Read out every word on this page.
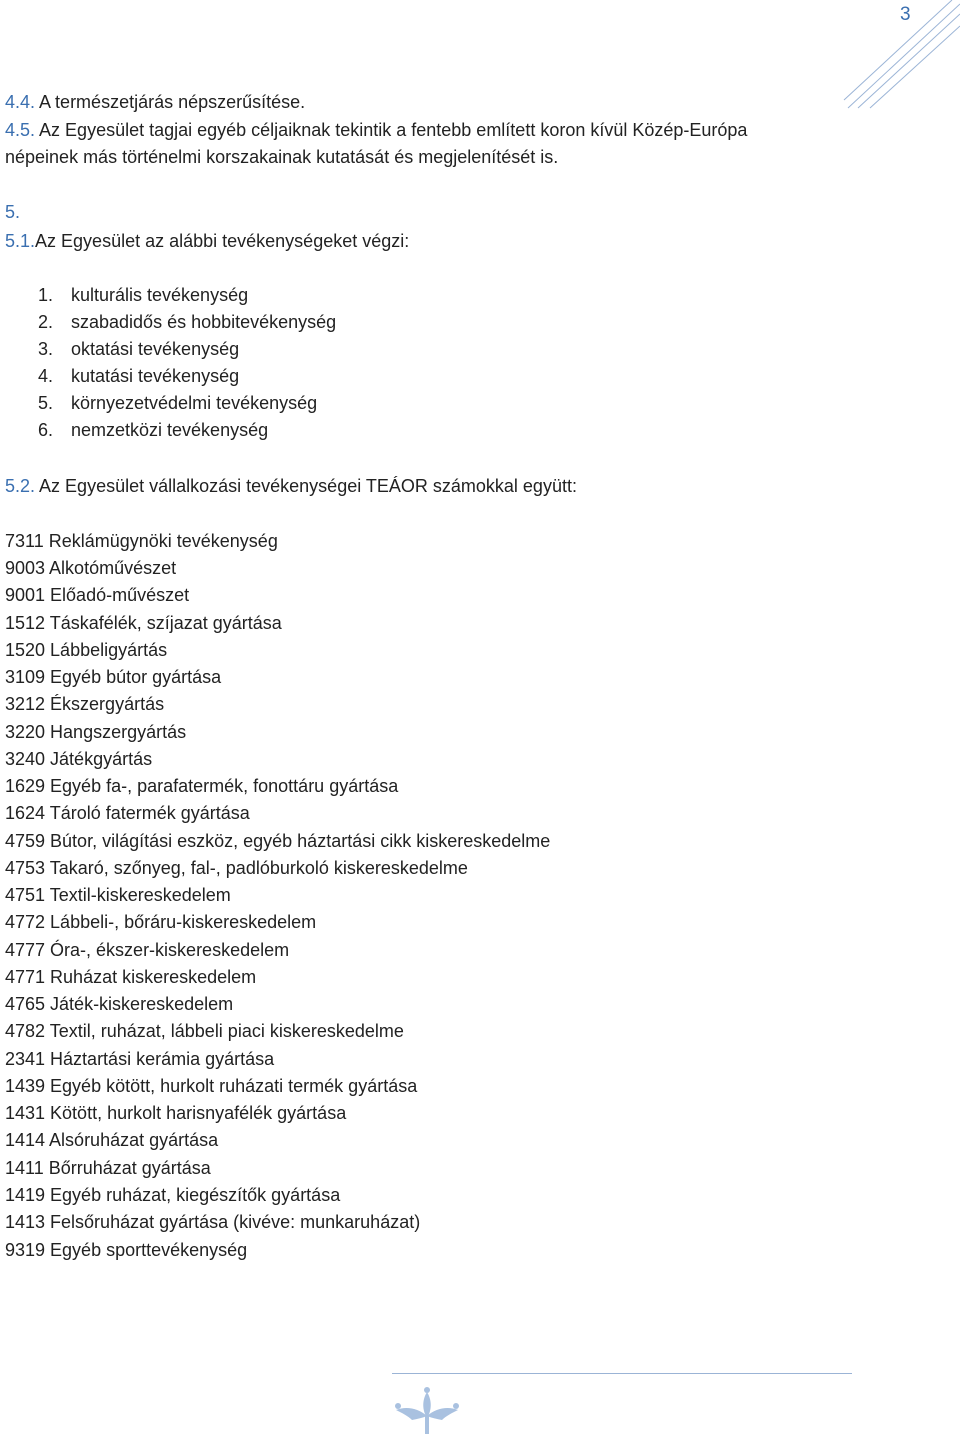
3
4.4. A természetjárás népszerűsítése.
4.5. Az Egyesület tagjai egyéb céljaiknak tekintik a fentebb említett koron kívül Közép-Európa
népeinek más történelmi korszakainak kutatását és megjelenítését is.
5.
5.1.Az Egyesület az alábbi tevékenységeket végzi:
1. kulturális tevékenység
2. szabadidős és hobbitevékenység
3. oktatási tevékenység
4. kutatási tevékenység
5. környezetvédelmi tevékenység
6. nemzetközi tevékenység
5.2. Az Egyesület vállalkozási tevékenységei TEÁOR számokkal együtt:
7311 Reklámügynöki tevékenység
9003 Alkotóművészet
9001 Előadó-művészet
1512 Táskafélék, szíjazat gyártása
1520 Lábbeligyártás
3109 Egyéb bútor gyártása
3212 Ékszergyártás
3220 Hangszergyártás
3240 Játékgyártás
1629 Egyéb fa-, parafatermék, fonottáru gyártása
1624 Tároló fatermék gyártása
4759 Bútor, világítási eszköz, egyéb háztartási cikk kiskereskedelme
4753 Takaró, szőnyeg, fal-, padlóburkoló kiskereskedelme
4751 Textil-kiskereskedelem
4772 Lábbeli-, bőráru-kiskereskedelem
4777 Óra-, ékszer-kiskereskedelem
4771 Ruházat kiskereskedelem
4765 Játék-kiskereskedelem
4782 Textil, ruházat, lábbeli piaci kiskereskedelme
2341 Háztartási kerámia gyártása
1439 Egyéb kötött, hurkolt ruházati termék gyártása
1431 Kötött, hurkolt harisnyafélék gyártása
1414 Alsóruházat gyártása
1411 Bőrruházat gyártása
1419 Egyéb ruházat, kiegészítők gyártása
1413 Felsőruházat gyártása (kivéve: munkaruházat)
9319 Egyéb sporttevékenység
